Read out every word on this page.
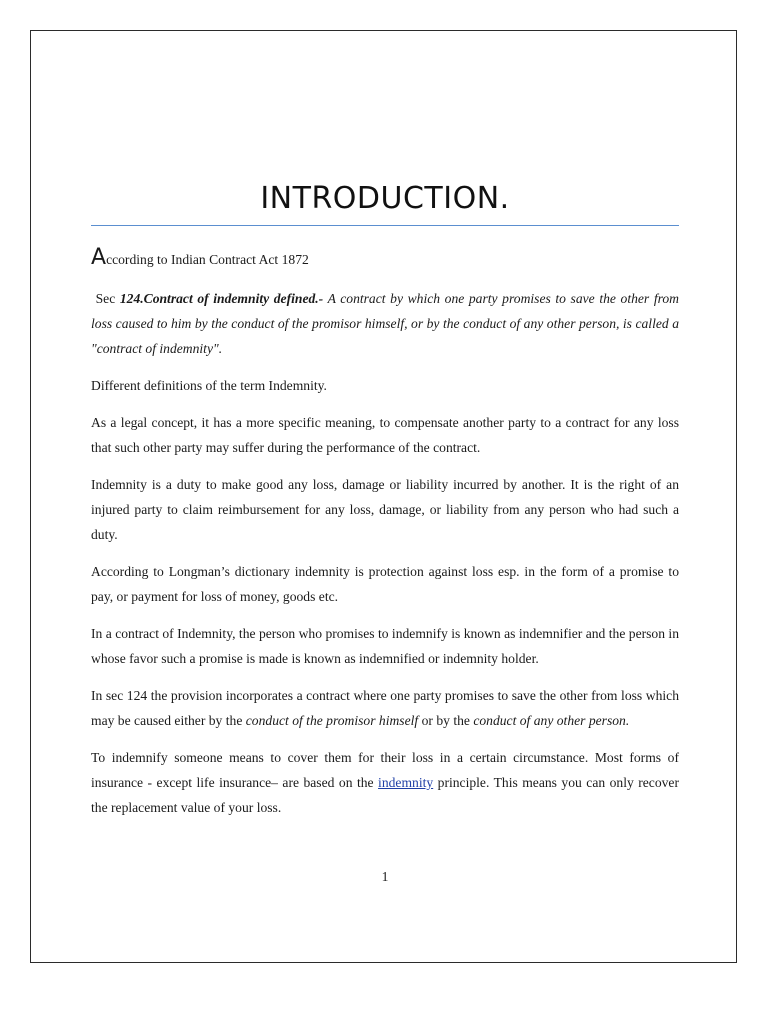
INTRODUCTION.

According to Indian Contract Act 1872

Sec 124.Contract of indemnity defined.- A contract by which one party promises to save the other from loss caused to him by the conduct of the promisor himself, or by the conduct of any other person, is called a "contract of indemnity".

Different definitions of the term Indemnity.

As a legal concept, it has a more specific meaning, to compensate another party to a contract for any loss that such other party may suffer during the performance of the contract.

Indemnity is a duty to make good any loss, damage or liability incurred by another. It is the right of an injured party to claim reimbursement for any loss, damage, or liability from any person who had such a duty.

According to Longman’s dictionary indemnity is protection against loss esp. in the form of a promise to pay, or payment for loss of money, goods etc.

In a contract of Indemnity, the person who promises to indemnify is known as indemnifier and the person in whose favor such a promise is made is known as indemnified or indemnity holder.

In sec 124 the provision incorporates a contract where one party promises to save the other from loss which may be caused either by the conduct of the promisor himself or by the conduct of any other person.

To indemnify someone means to cover them for their loss in a certain circumstance. Most forms of insurance - except life insurance– are based on the indemnity principle. This means you can only recover the replacement value of your loss.

1
